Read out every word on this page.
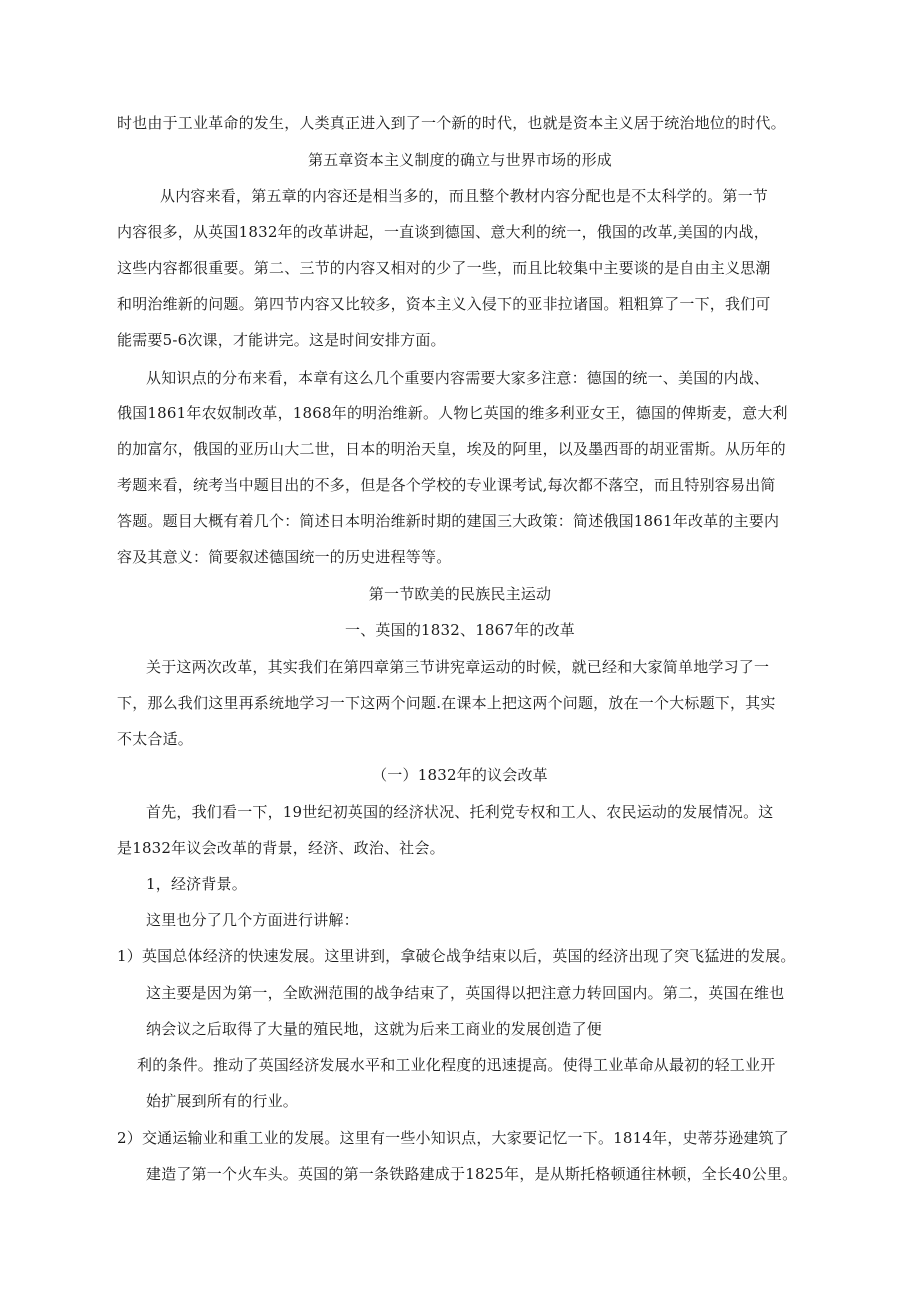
时也由于工业革命的发生，人类真正进入到了一个新的时代，也就是资本主义居于统治地位的时代。

第五章资本主义制度的确立与世界市场的形成

从内容来看，第五章的内容还是相当多的，而且整个教材内容分配也是不太科学的。第一节

内容很多，从英国1832年的改革讲起，一直谈到德国、意大利的统一，俄国的改革,美国的内战，

这些内容都很重要。第二、三节的内容又相对的少了一些，而且比较集中主要谈的是自由主义思潮

和明治维新的问题。第四节内容又比较多，资本主义入侵下的亚非拉诸国。粗粗算了一下，我们可

能需要5-6次课，才能讲完。这是时间安排方面。

从知识点的分布来看，本章有这么几个重要内容需要大家多注意：德国的统一、美国的内战、

俄国1861年农奴制改革，1868年的明治维新。人物匕英国的维多利亚女王，德国的俾斯麦，意大利

的加富尔，俄国的亚历山大二世，日本的明治天皇，埃及的阿里，以及墨西哥的胡亚雷斯。从历年的

考题来看，统考当中题目出的不多，但是各个学校的专业课考试,每次都不落空，而且特别容易出简

答题。题目大概有着几个：简述日本明治维新时期的建国三大政策：简述俄国1861年改革的主要内

容及其意义：简要叙述德国统一的历史进程等等。

第一节欧美的民族民主运动

一、英国的1832、1867年的改革

关于这两次改革，其实我们在第四章第三节讲宪章运动的时候，就已经和大家简单地学习了一

下，那么我们这里再系统地学习一下这两个问题.在课本上把这两个问题，放在一个大标题下，其实

不太合适。

（一）1832年的议会改革

首先，我们看一下，19世纪初英国的经济状况、托利党专权和工人、农民运动的发展情况。这

是1832年议会改革的背景，经济、政治、社会。

1，经济背景。

这里也分了几个方面进行讲解：

1）英国总体经济的快速发展。这里讲到，拿破仑战争结束以后，英国的经济出现了突飞猛进的发展。

这主要是因为第一，全欧洲范围的战争结束了，英国得以把注意力转回国内。第二，英国在维也

纳会议之后取得了大量的殖民地，这就为后来工商业的发展创造了便

利的条件。推动了英国经济发展水平和工业化程度的迅速提高。使得工业革命从最初的轻工业开

始扩展到所有的行业。

2）交通运输业和重工业的发展。这里有一些小知识点，大家要记忆一下。1814年，史蒂芬逊建筑了

建造了第一个火车头。英国的第一条铁路建成于1825年，是从斯托格顿通往林顿，全长40公里。
